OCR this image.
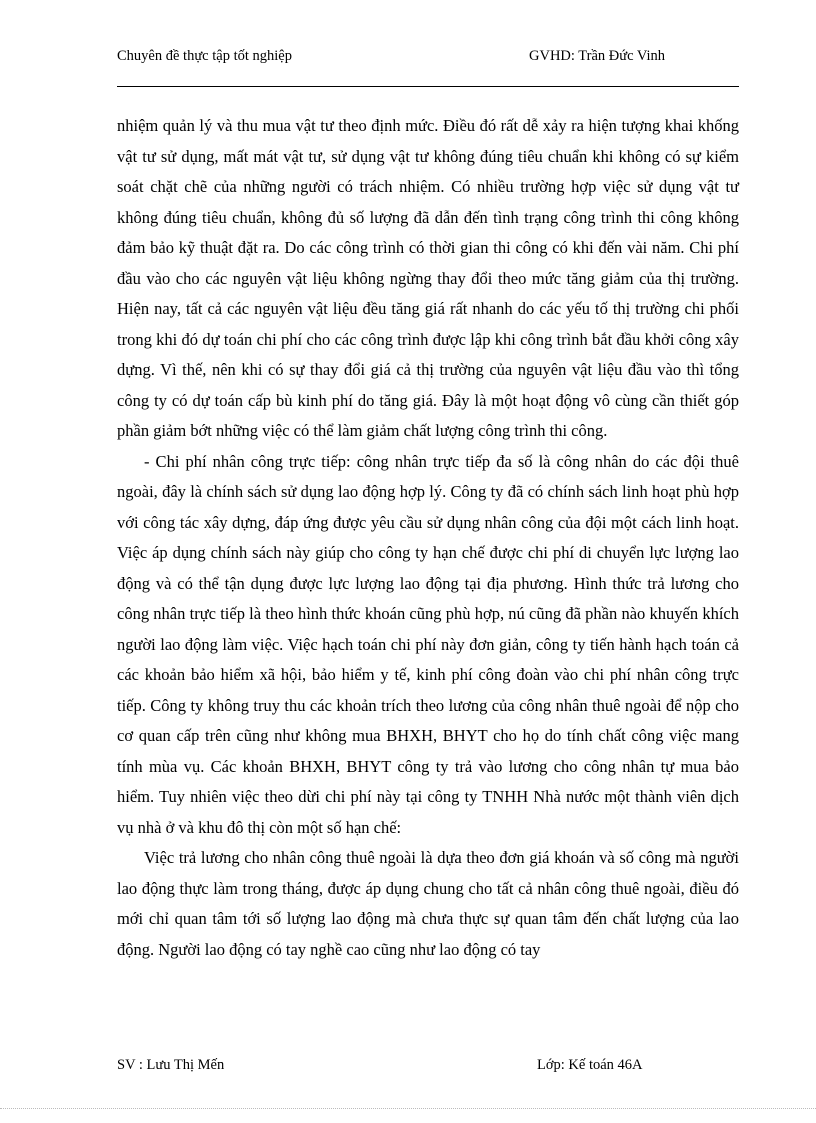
Chuyên đề thực tập tốt nghiệp	GVHD: Trần Đức Vinh

nhiệm quản lý và thu mua vật tư theo định mức. Điều đó rất dễ xảy ra hiện tượng khai khống vật tư sử dụng, mất mát vật tư, sử dụng vật tư không đúng tiêu chuẩn khi không có sự kiểm soát chặt chẽ của những người có trách nhiệm. Có nhiều trường hợp việc sử dụng vật tư không đúng tiêu chuẩn, không đủ số lượng đã dẫn đến tình trạng công trình thi công không đảm bảo kỹ thuật đặt ra. Do các công trình có thời gian thi công có khi đến vài năm. Chi phí đầu vào cho các nguyên vật liệu không ngừng thay đổi theo mức tăng giảm của thị trường. Hiện nay, tất cả các nguyên vật liệu đều tăng giá rất nhanh do các yếu tố thị trường chi phối trong khi đó dự toán chi phí cho các công trình được lập khi công trình bắt đầu khởi công xây dựng. Vì thế, nên khi có sự thay đổi giá cả thị trường của nguyên vật liệu đầu vào thì tổng công ty có dự toán cấp bù kinh phí do tăng giá. Đây là một hoạt động vô cùng cần thiết góp phần giảm bớt những việc có thể làm giảm chất lượng công trình thi công.

- Chi phí nhân công trực tiếp: công nhân trực tiếp đa số là công nhân do các đội thuê ngoài, đây là chính sách sử dụng lao động hợp lý. Công ty đã có chính sách linh hoạt phù hợp với công tác xây dựng, đáp ứng được yêu cầu sử dụng nhân công của đội một cách linh hoạt. Việc áp dụng chính sách này giúp cho công ty hạn chế được chi phí di chuyển lực lượng lao động và có thể tận dụng được lực lượng lao động tại địa phương. Hình thức trả lương cho công nhân trực tiếp là theo hình thức khoán cũng phù hợp, nú cũng đã phần nào khuyến khích người lao động làm việc. Việc hạch toán chi phí này đơn giản, công ty tiến hành hạch toán cả các khoản bảo hiểm xã hội, bảo hiểm y tế, kinh phí công đoàn vào chi phí nhân công trực tiếp. Công ty không truy thu các khoản trích theo lương của công nhân thuê ngoài để nộp cho cơ quan cấp trên cũng như không mua BHXH, BHYT cho họ do tính chất công việc mang tính mùa vụ. Các khoản BHXH, BHYT công ty trả vào lương cho công nhân tự mua bảo hiểm. Tuy nhiên việc theo dừi chi phí này tại công ty TNHH Nhà nước một thành viên dịch vụ nhà ở và khu đô thị còn một số hạn chế:

Việc trả lương cho nhân công thuê ngoài là dựa theo đơn giá khoán và số công mà người lao động thực làm trong tháng, được áp dụng chung cho tất cả nhân công thuê ngoài, điều đó mới chỉ quan tâm tới số lượng lao động mà chưa thực sự quan tâm đến chất lượng của lao động. Người lao động có tay nghề cao cũng như lao động có tay

SV : Lưu Thị Mến	Lớp: Kế toán 46A
